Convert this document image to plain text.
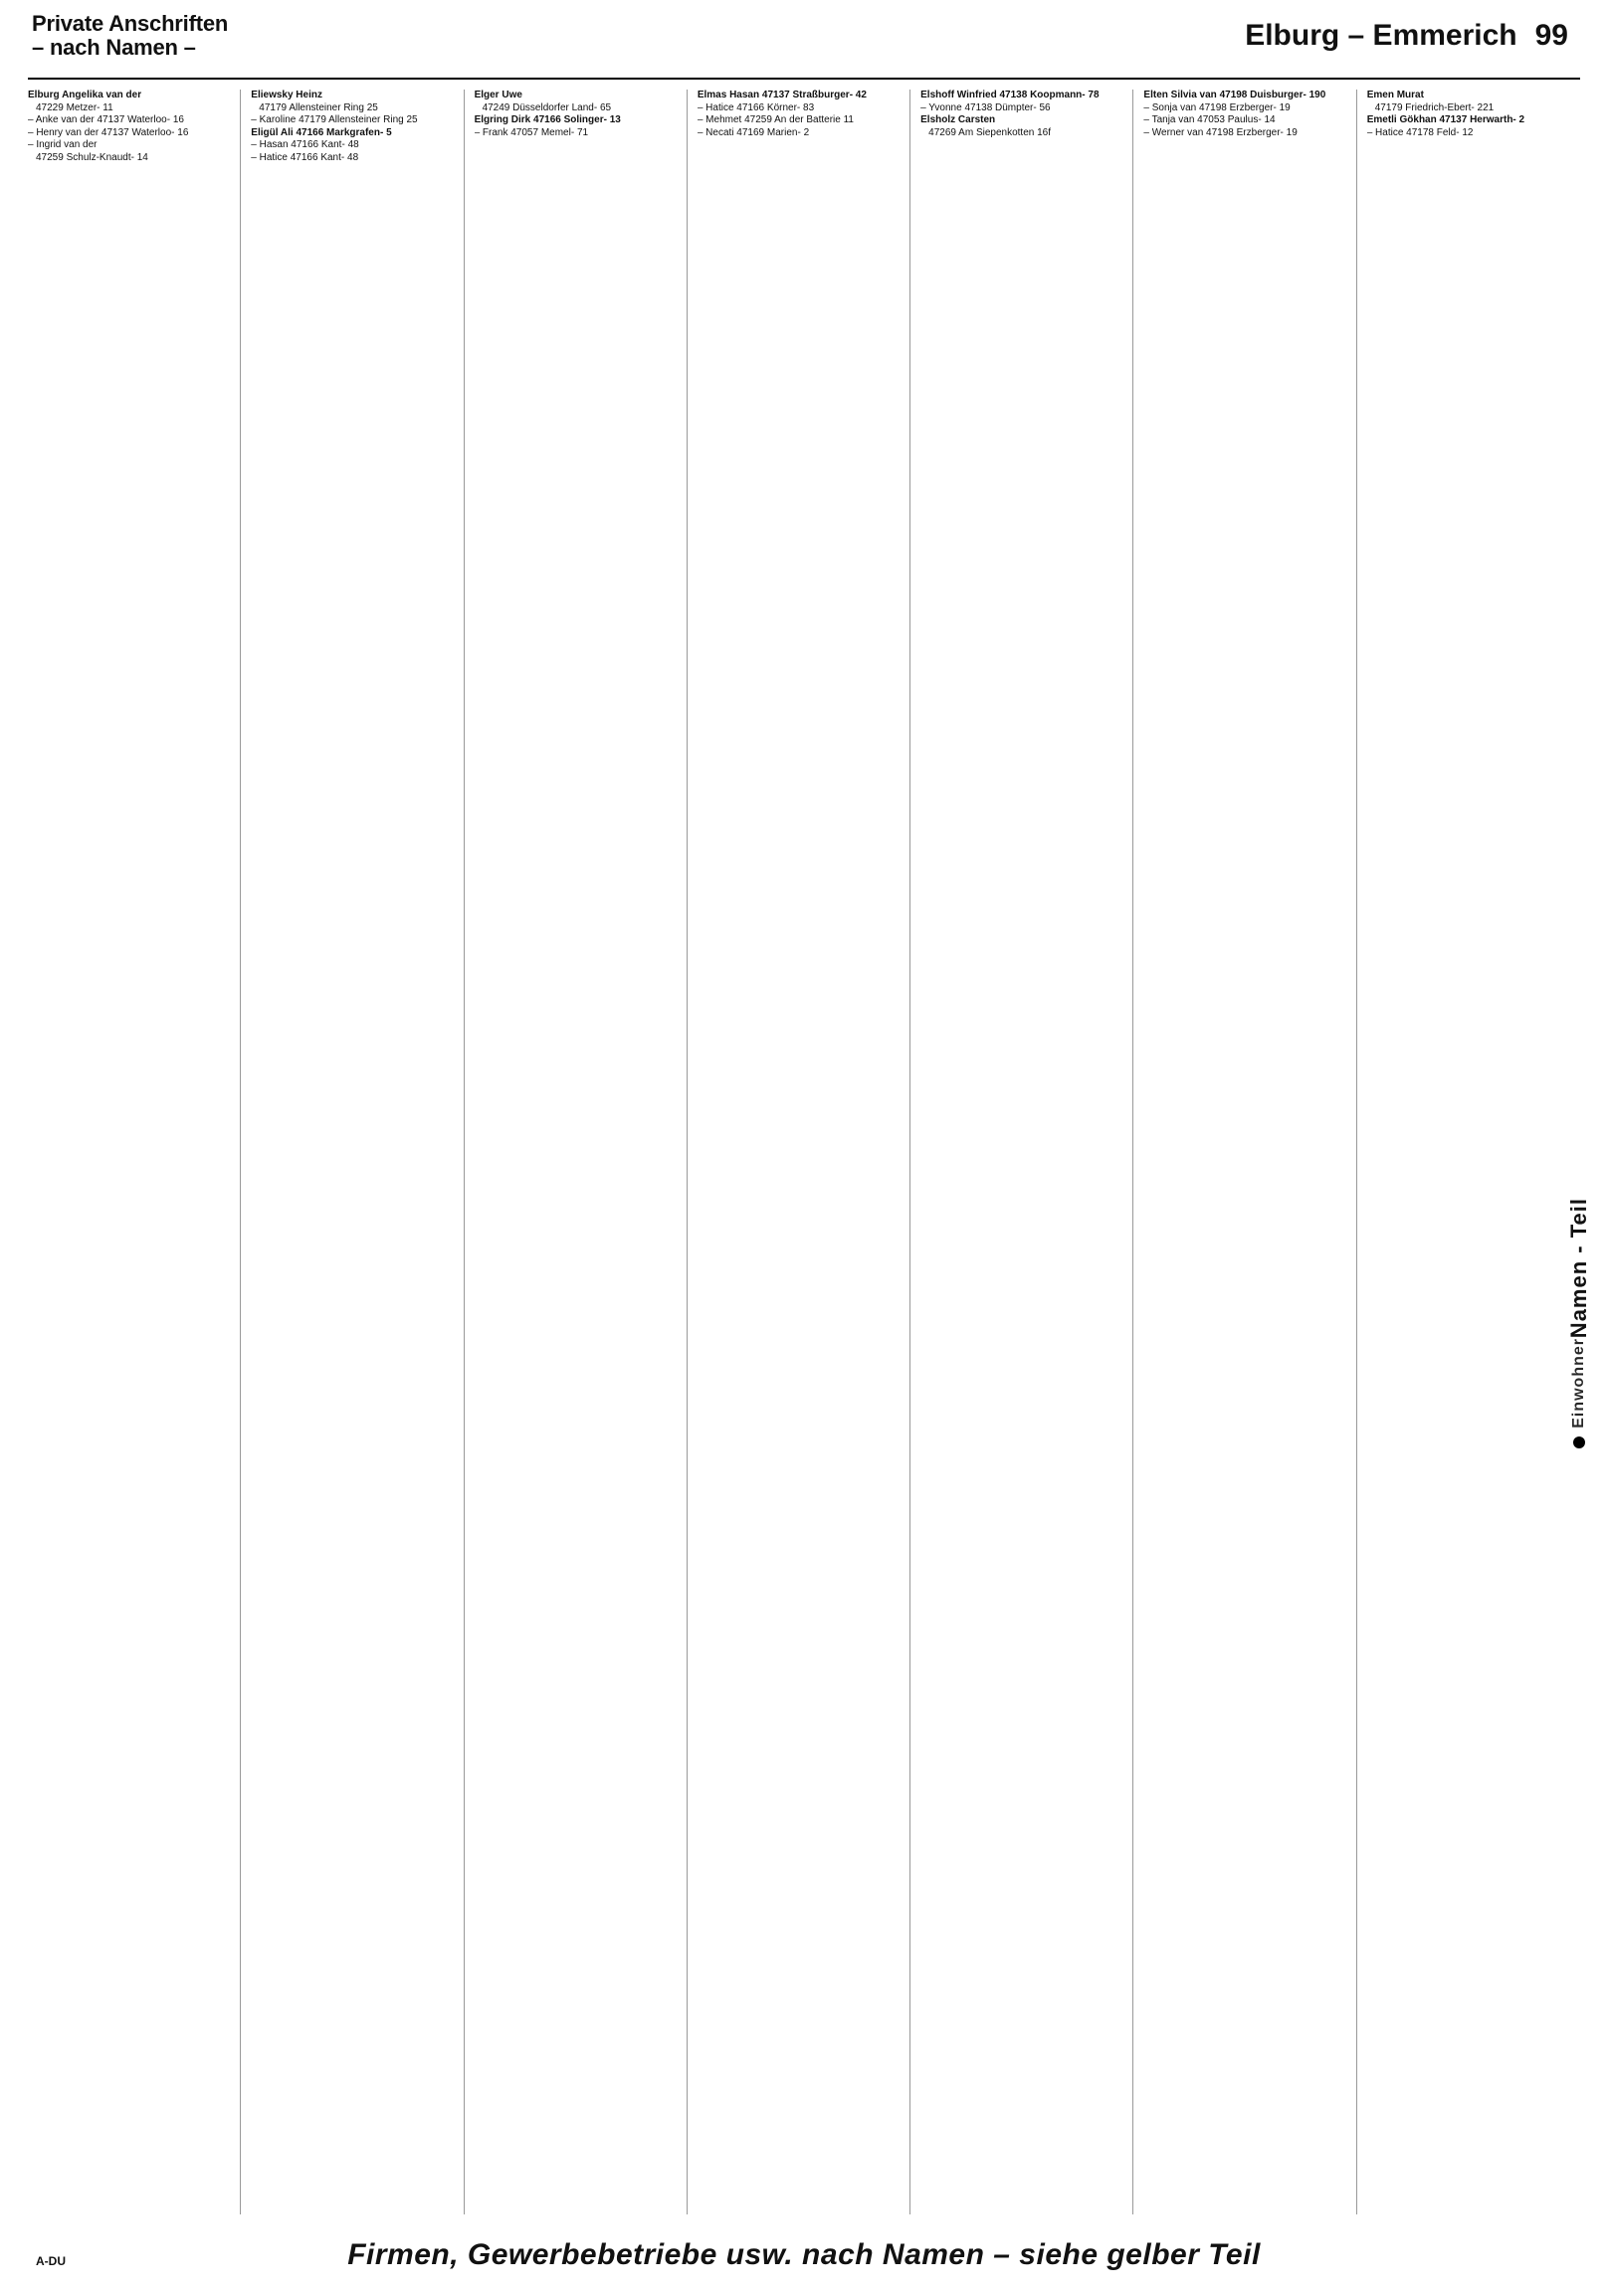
Private Anschriften
– nach Namen –	Elburg – Emmerich 99
Elburg Angelika van der
47229 Metzer- 11
– Anke van der 47137 Waterloo- 16
– Henry van der 47137 Waterloo- 16
– Ingrid van der
47259 Schulz-Knaudt- 14
Eliewsky Heinz
47179 Allensteiner Ring 25
– Karoline 47179 Allensteiner Ring 25
Eligül Ali 47166 Markgrafen- 5
– Hasan 47166 Kant- 48
– Hatice 47166 Kant- 48
Elger Uwe
47249 Düsseldorfer Land- 65
Elgring Dirk 47166 Solinger- 13
– Frank 47057 Memel- 71
Elmas Hasan 47137 Straßburger- 42
– Hatice 47166 Körner- 83
– Mehmet 47259 An der Batterie 11
– Necati 47169 Marien- 2
Elshoff Winfried 47138 Koopmann- 78
– Yvonne 47138 Dümpter- 56
Elsholz Carsten
47269 Am Siepenkotten 16f
Elten Silvia van 47198 Duisburger- 190
– Sonja van 47198 Erzberger- 19
– Tanja van 47053 Paulus- 14
– Werner van 47198 Erzberger- 19
Emen Murat
47179 Friedrich-Ebert- 221
Emetli Gökhan 47137 Herwarth- 2
– Hatice 47178 Feld- 12
Namen - Teil
Einwohner
A-DU	Firmen, Gewerbebetriebe usw. nach Namen – siehe gelber Teil
